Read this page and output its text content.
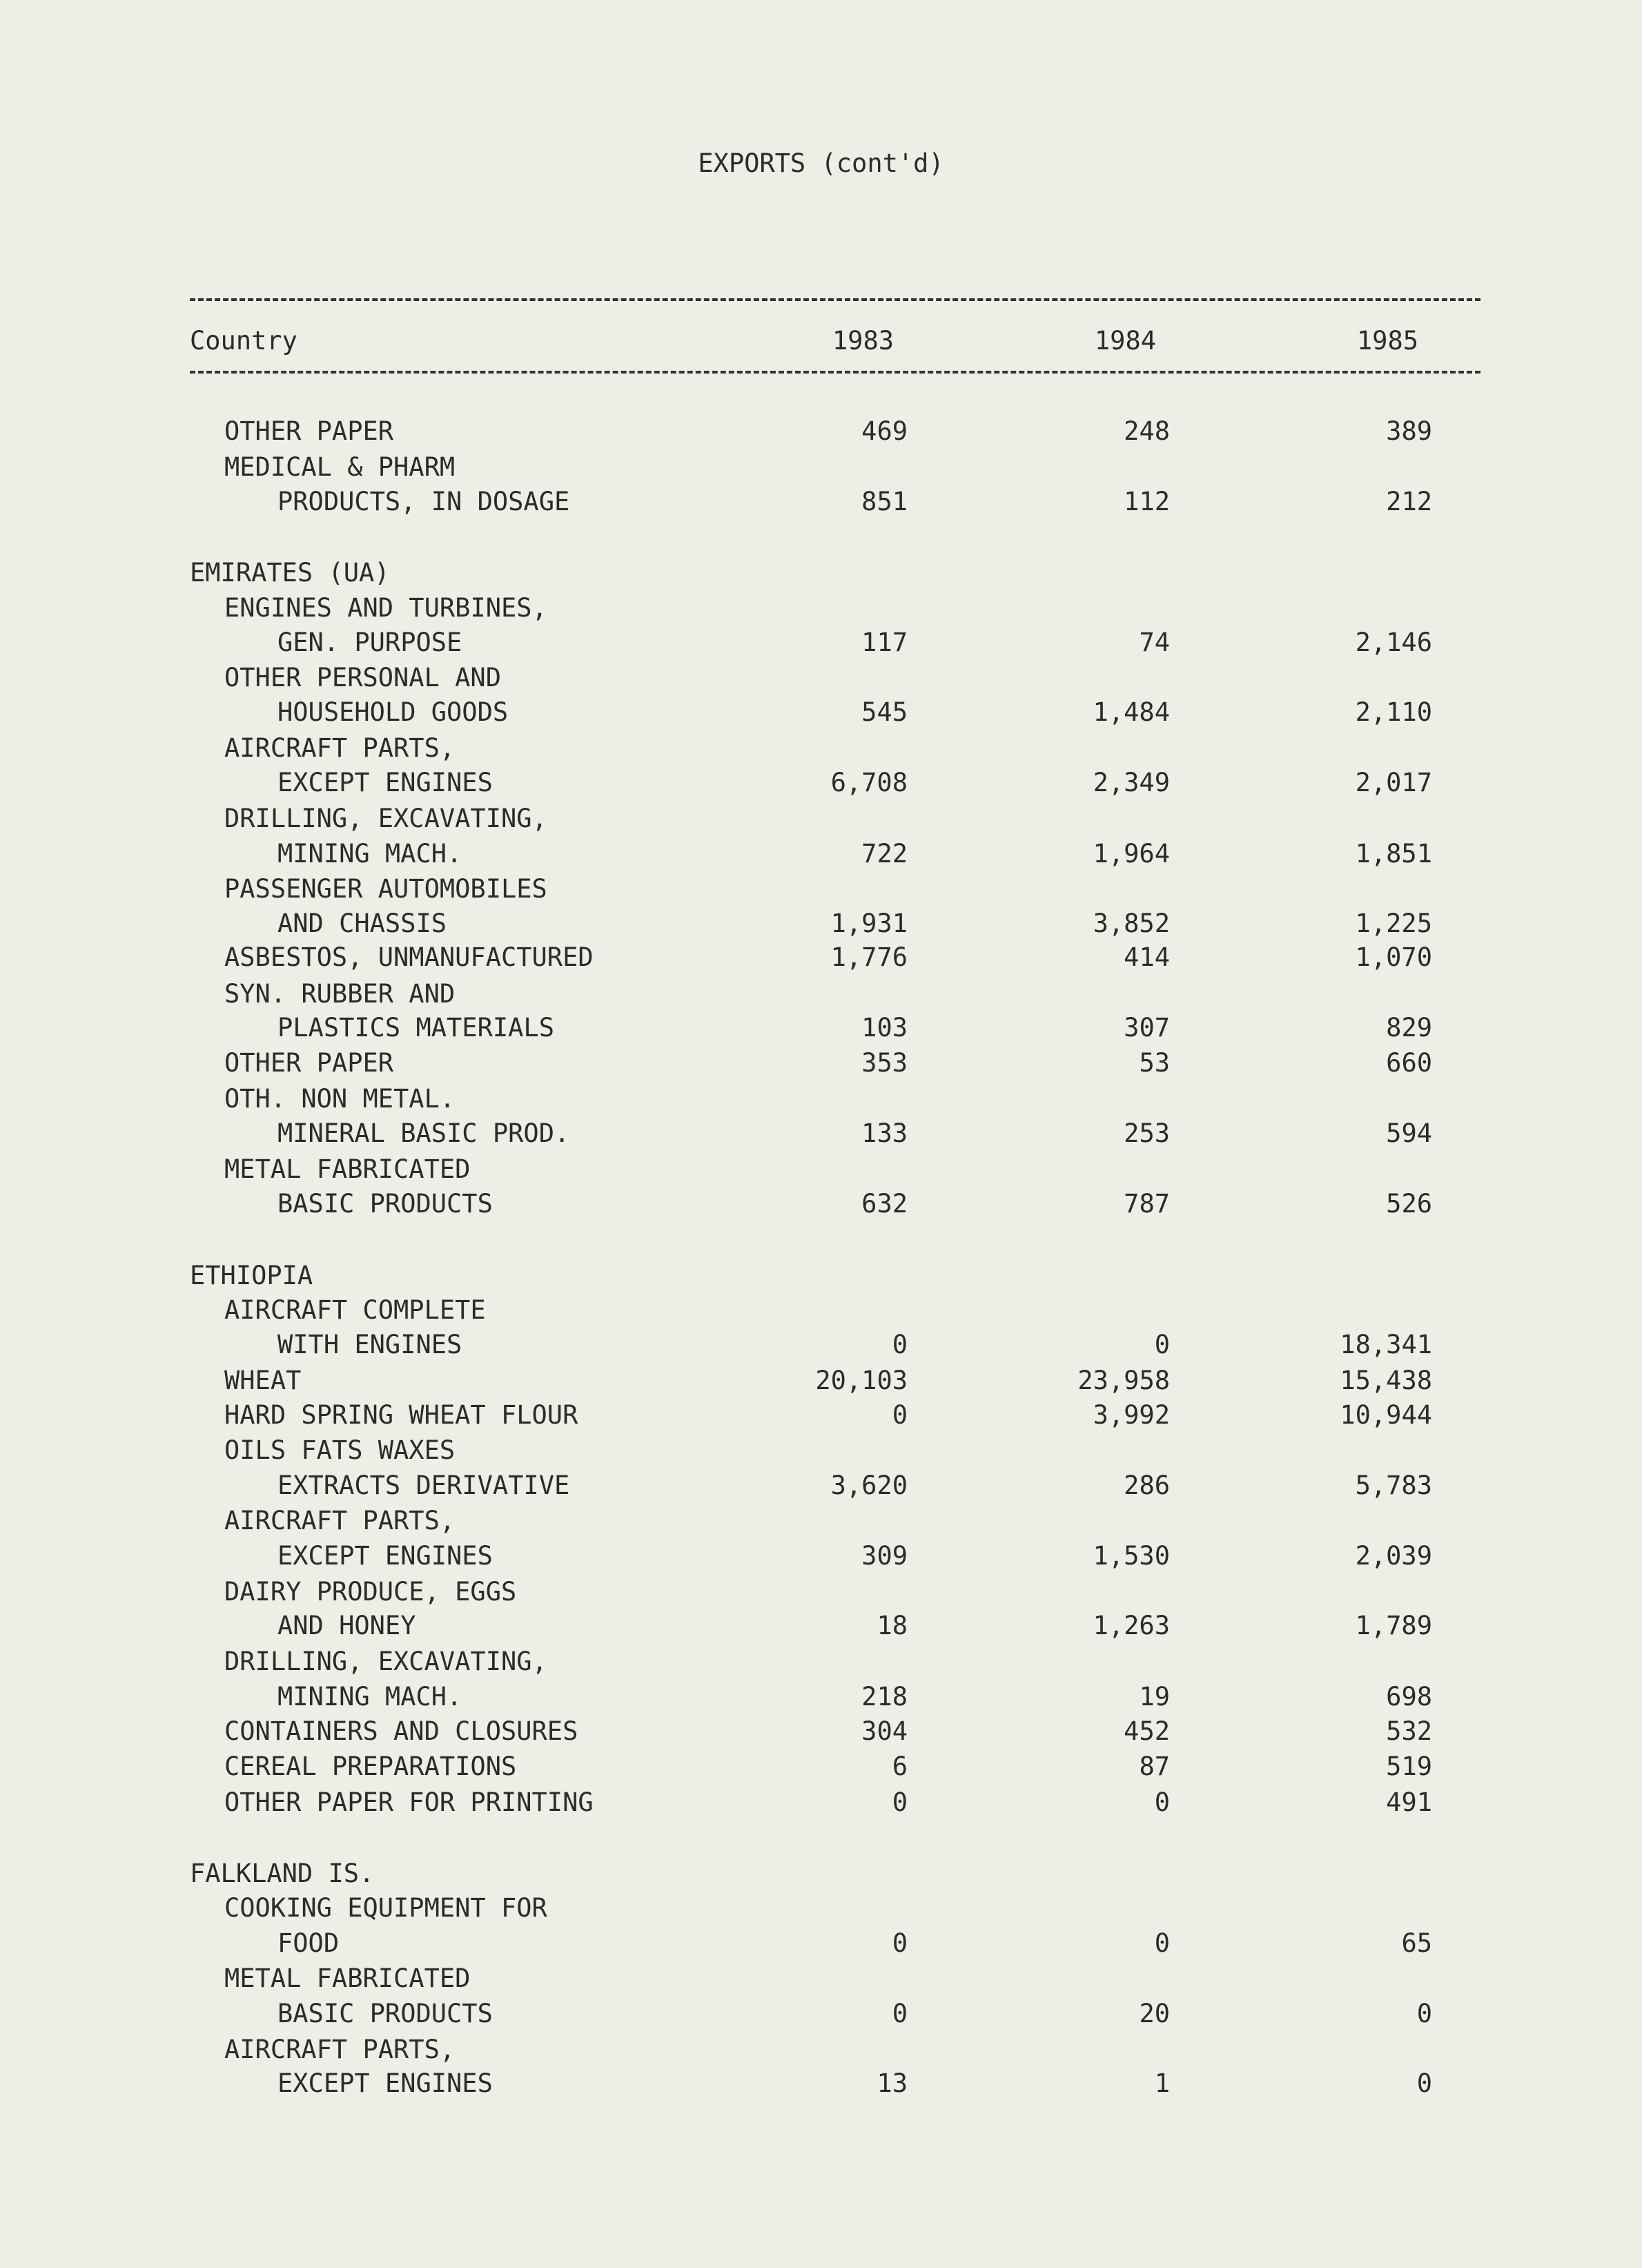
EXPORTS (cont'd)
Country	1983	1984	1985
OTHER PAPER	469	248	389
MEDICAL & PHARM
PRODUCTS, IN DOSAGE	851	112	212
EMIRATES (UA)
ENGINES AND TURBINES,
GEN. PURPOSE	117	74	2,146
OTHER PERSONAL AND
HOUSEHOLD GOODS	545	1,484	2,110
AIRCRAFT PARTS,
EXCEPT ENGINES	6,708	2,349	2,017
DRILLING, EXCAVATING,
MINING MACH.	722	1,964	1,851
PASSENGER AUTOMOBILES
AND CHASSIS	1,931	3,852	1,225
ASBESTOS, UNMANUFACTURED	1,776	414	1,070
SYN. RUBBER AND
PLASTICS MATERIALS	103	307	829
OTHER PAPER	353	53	660
OTH. NON METAL.
MINERAL BASIC PROD.	133	253	594
METAL FABRICATED
BASIC PRODUCTS	632	787	526
ETHIOPIA
AIRCRAFT COMPLETE
WITH ENGINES	0	0	18,341
WHEAT	20,103	23,958	15,438
HARD SPRING WHEAT FLOUR	0	3,992	10,944
OILS FATS WAXES
EXTRACTS DERIVATIVE	3,620	286	5,783
AIRCRAFT PARTS,
EXCEPT ENGINES	309	1,530	2,039
DAIRY PRODUCE, EGGS
AND HONEY	18	1,263	1,789
DRILLING, EXCAVATING,
MINING MACH.	218	19	698
CONTAINERS AND CLOSURES	304	452	532
CEREAL PREPARATIONS	6	87	519
OTHER PAPER FOR PRINTING	0	0	491
FALKLAND IS.
COOKING EQUIPMENT FOR
FOOD	0	0	65
METAL FABRICATED
BASIC PRODUCTS	0	20	0
AIRCRAFT PARTS,
EXCEPT ENGINES	13	1	0
